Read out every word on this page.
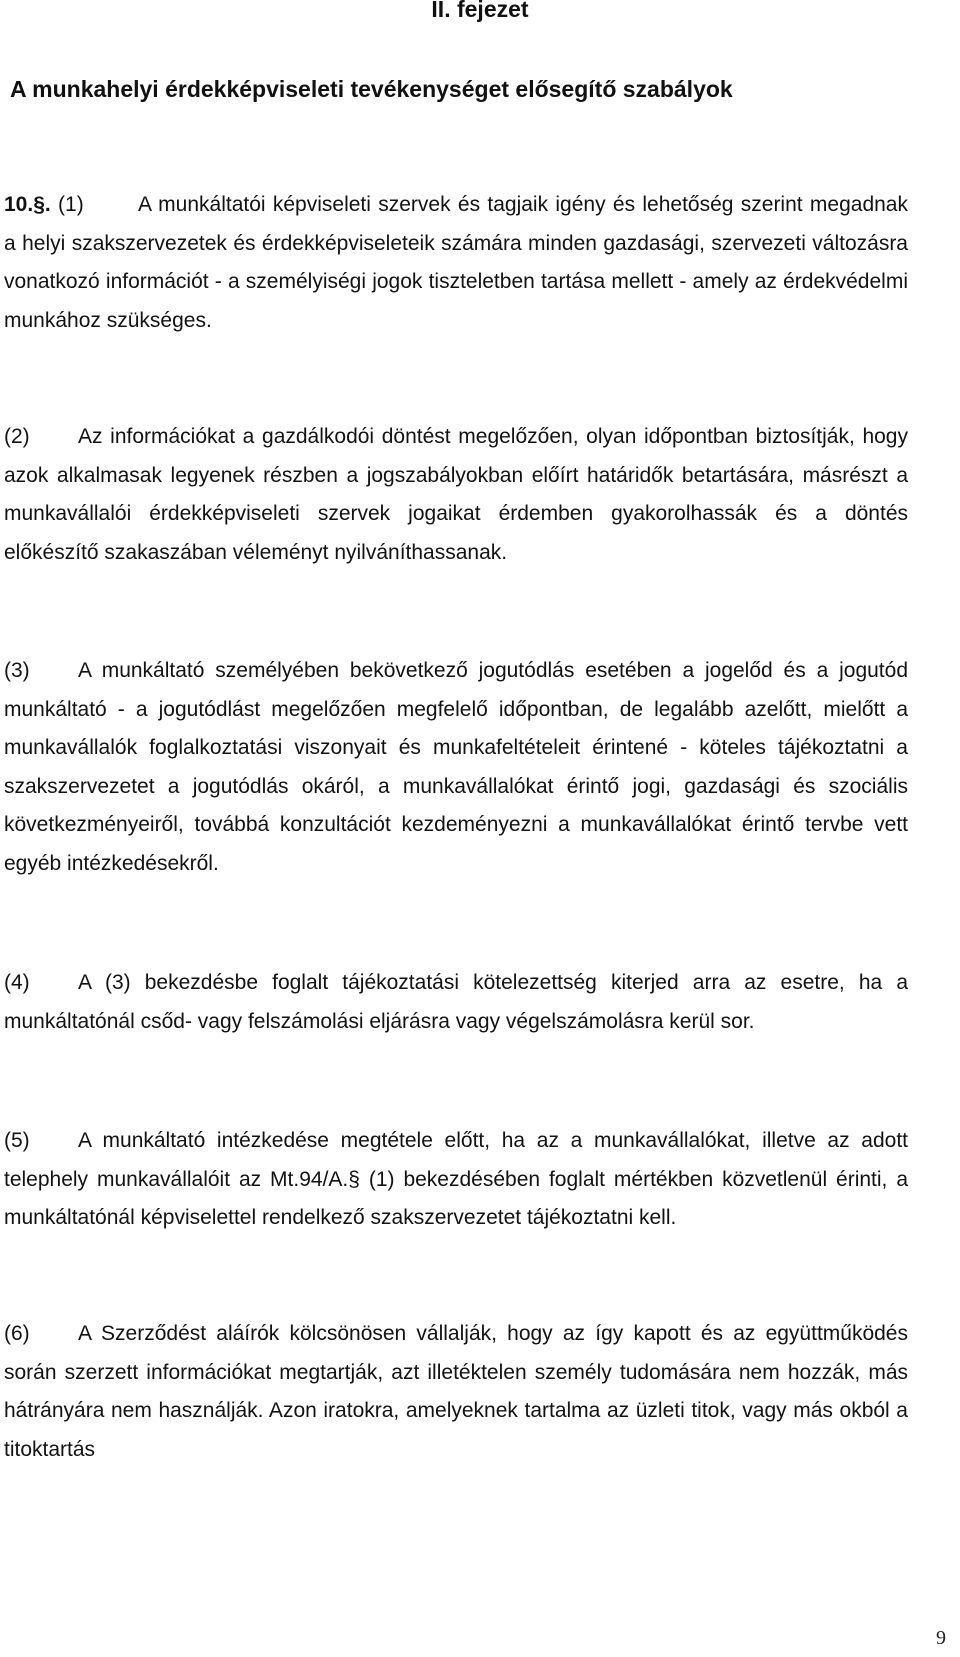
II. fejezet
A munkahelyi érdekképviseleti tevékenységet elősegítő szabályok

10.§. (1)	A munkáltatói képviseleti szervek és tagjaik igény és lehetőség szerint megadnak a helyi szakszervezetek és érdekképviseleteik számára minden gazdasági, szervezeti változásra vonatkozó információt - a személyiségi jogok tiszteletben tartása mellett - amely az érdekvédelmi munkához szükséges.

(2) Az információkat a gazdálkodói döntést megelőzően, olyan időpontban biztosítják, hogy azok alkalmasak legyenek részben a jogszabályokban előírt határidők betartására, másrészt a munkavállalói érdekképviseleti szervek jogaikat érdemben gyakorolhassák és a döntés előkészítő szakaszában véleményt nyilváníthassanak.

(3) A munkáltató személyében bekövetkező jogutódlás esetében a jogelőd és a jogutód munkáltató - a jogutódlást megelőzően megfelelő időpontban, de legalább azelőtt, mielőtt a munkavállalók foglalkoztatási viszonyait és munkafeltételeit érintené - köteles tájékoztatni a szakszervezetet a jogutódlás okáról, a munkavállalókat érintő jogi, gazdasági és szociális következményeiről, továbbá konzultációt kezdeményezni a munkavállalókat érintő tervbe vett egyéb intézkedésekről.

(4) A (3) bekezdésbe foglalt tájékoztatási kötelezettség kiterjed arra az esetre, ha a munkáltatónál csőd- vagy felszámolási eljárásra vagy végelszámolásra kerül sor.

(5) A munkáltató intézkedése megtétele előtt, ha az a munkavállalókat, illetve az adott telephely munkavállalóit az Mt.94/A.§ (1) bekezdésében foglalt mértékben közvetlenül érinti, a munkáltatónál képviselettel rendelkező szakszervezetet tájékoztatni kell.

(6) A Szerződést aláírók kölcsönösen vállalják, hogy az így kapott és az együttműködés során szerzett információkat megtartják, azt illetéktelen személy tudomására nem hozzák, más hátrányára nem használják. Azon iratokra, amelyeknek tartalma az üzleti titok, vagy más okból a titoktartás

9
